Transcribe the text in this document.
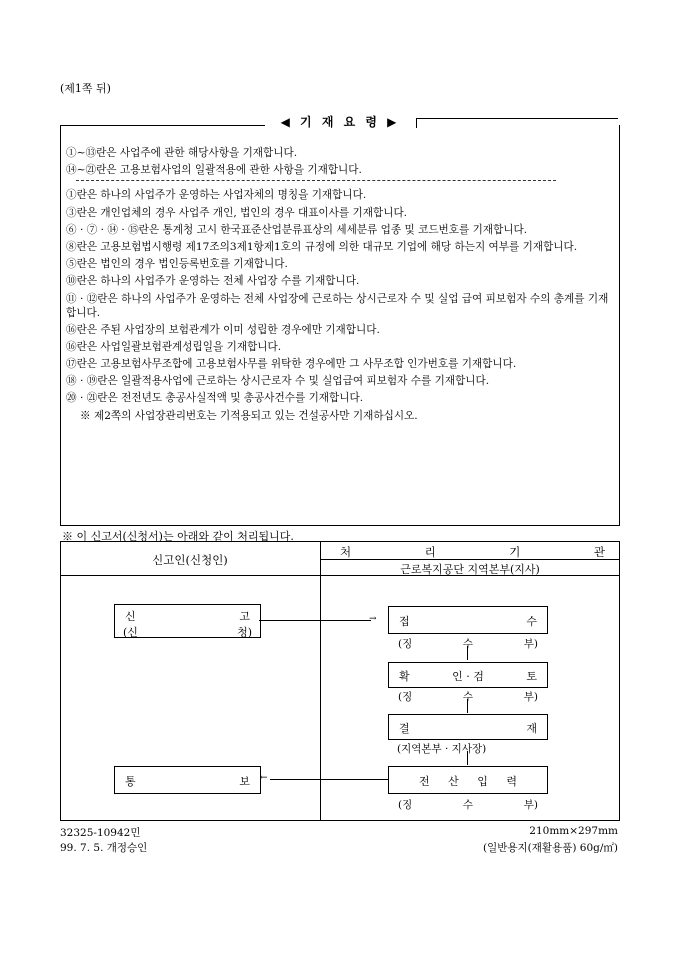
(제1쪽 뒤)
◀ 기 재 요 령 ▶

①∼⑬란은 사업주에 관한 해당사항을 기재합니다.

⑭∼㉑란은 고용보험사업의 일괄적용에 관한 사항을 기재합니다.

①란은 하나의 사업주가 운영하는 사업자체의 명칭을 기재합니다.

③란은 개인업체의 경우 사업주 개인, 법인의 경우 대표이사를 기재합니다.

⑥ · ⑦ · ⑭ · ⑮란은 통계청 고시 한국표준산업분류표상의 세세분류 업종 및 코드번호를 기재합니다.

⑧란은 고용보험법시행령 제17조의3제1항제1호의 규정에 의한 대규모 기업에 해당 하는지 여부를 기재합니다.

⑤란은 법인의 경우 법인등록번호를 기재합니다.

⑩란은 하나의 사업주가 운영하는 전체 사업장 수를 기재합니다.

⑪ · ⑫란은 하나의 사업주가 운영하는 전체 사업장에 근로하는 상시근로자 수 및 실업 급여 피보험자 수의 총계를 기재합니다.

⑯란은 주된 사업장의 보험관계가 이미 성립한 경우에만 기재합니다.

⑯란은 사업일괄보험관계성립일을 기재합니다.

⑰란은 고용보험사무조합에 고용보험사무를 위탁한 경우에만 그 사무조합 인가번호를 기재합니다.

⑱ · ⑲란은 일괄적용사업에 근로하는 상시근로자 수 및 실업급여 피보험자 수를 기재합니다.

⑳ · ㉑란은 전전년도 총공사실적액 및 총공사건수를 기재합니다.

※ 제2쪽의 사업장관리번호는 기적용되고 있는 건설공사만 기재하십시오.

※ 이 신고서(신청서)는 아래와 같이 처리됩니다.
신고인(신청인)
처	리	기	관
근로복지공단 지역본부(지사)
신	고
(신	청)
→ 접	수
(징	수	부)
확	인 · 검	토
(징	수	부)
결	재
(지역본부 · 지사장)
전 산 입 력
(징	수	부)
통	보 ←
32325-10942민
99. 7. 5. 개정승인
210mm×297mm
(일반용지(재활용품) 60g/㎡)
